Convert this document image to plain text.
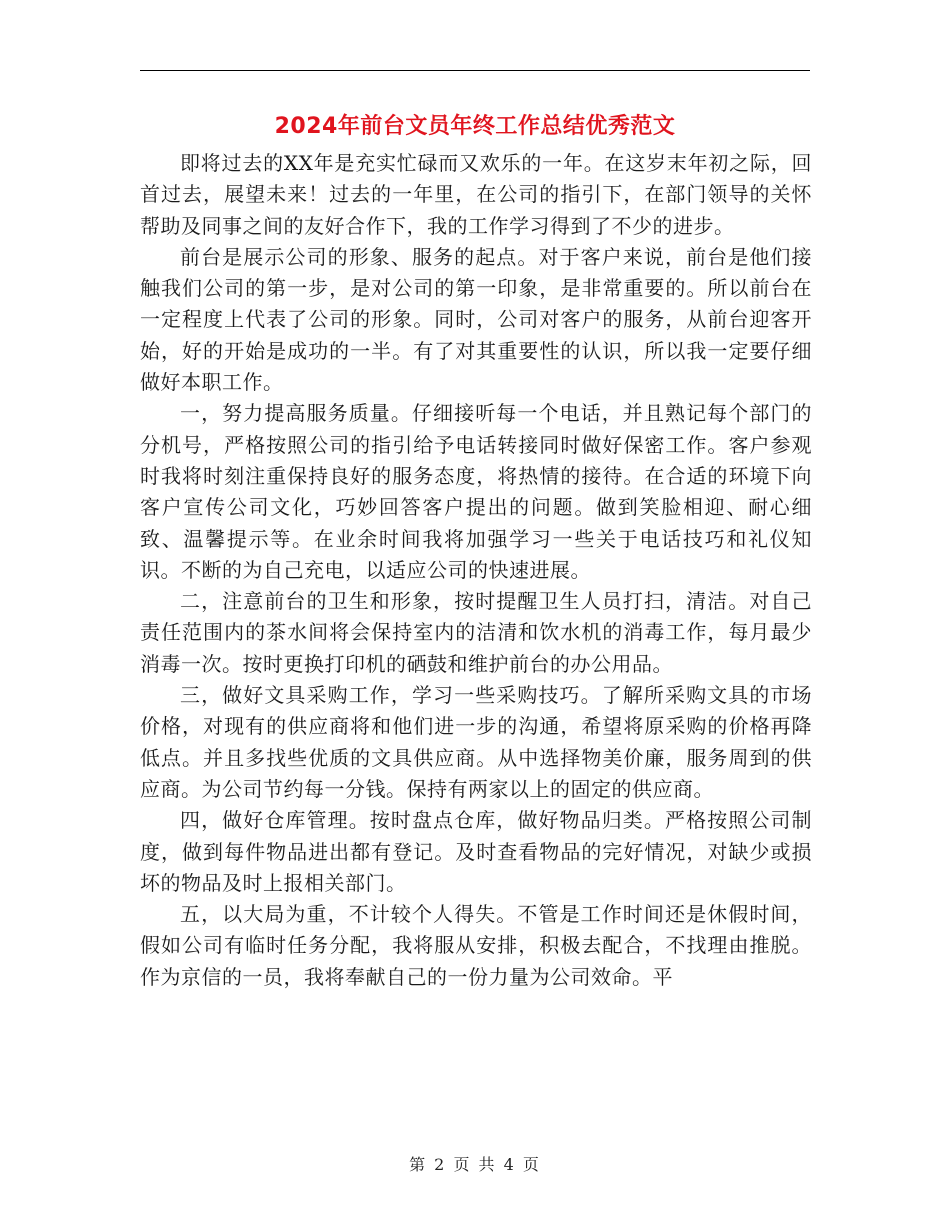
2024年前台文员年终工作总结优秀范文

即将过去的XX年是充实忙碌而又欢乐的一年。在这岁末年初之际，回首过去，展望未来！过去的一年里，在公司的指引下，在部门领导的关怀帮助及同事之间的友好合作下，我的工作学习得到了不少的进步。

前台是展示公司的形象、服务的起点。对于客户来说，前台是他们接触我们公司的第一步，是对公司的第一印象，是非常重要的。所以前台在一定程度上代表了公司的形象。同时，公司对客户的服务，从前台迎客开始，好的开始是成功的一半。有了对其重要性的认识，所以我一定要仔细做好本职工作。

一，努力提高服务质量。仔细接听每一个电话，并且熟记每个部门的分机号，严格按照公司的指引给予电话转接同时做好保密工作。客户参观时我将时刻注重保持良好的服务态度，将热情的接待。在合适的环境下向客户宣传公司文化，巧妙回答客户提出的问题。做到笑脸相迎、耐心细致、温馨提示等。在业余时间我将加强学习一些关于电话技巧和礼仪知识。不断的为自己充电，以适应公司的快速进展。

二，注意前台的卫生和形象，按时提醒卫生人员打扫，清洁。对自己责任范围内的茶水间将会保持室内的洁清和饮水机的消毒工作，每月最少消毒一次。按时更换打印机的硒鼓和维护前台的办公用品。

三，做好文具采购工作，学习一些采购技巧。了解所采购文具的市场价格，对现有的供应商将和他们进一步的沟通，希望将原采购的价格再降低点。并且多找些优质的文具供应商。从中选择物美价廉，服务周到的供应商。为公司节约每一分钱。保持有两家以上的固定的供应商。

四，做好仓库管理。按时盘点仓库，做好物品归类。严格按照公司制度，做到每件物品进出都有登记。及时查看物品的完好情况，对缺少或损坏的物品及时上报相关部门。

五，以大局为重，不计较个人得失。不管是工作时间还是休假时间，假如公司有临时任务分配，我将服从安排，积极去配合，不找理由推脱。作为京信的一员，我将奉献自己的一份力量为公司效命。平

第 2 页 共 4 页
